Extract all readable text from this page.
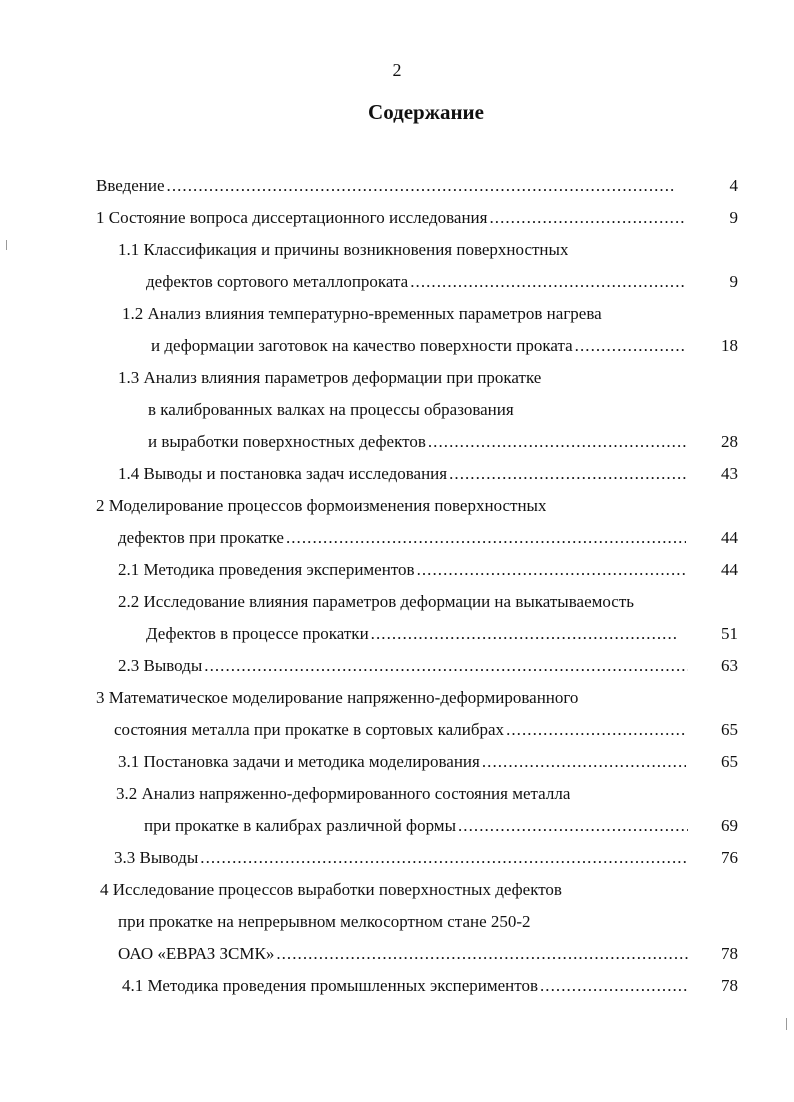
2
Содержание
Введение
. . .	4
1 Состояние вопроса диссертационного исследования
. . .	9
1.1 Классификация и причины возникновения поверхностных
дефектов сортового металлопроката
. . .	9
1.2 Анализ влияния температурно-временных параметров нагрева
и деформации заготовок на качество поверхности проката
. . .	18
1.3 Анализ влияния параметров деформации при прокатке
в калиброванных валках на процессы образования
и выработки поверхностных дефектов
. . .	28
1.4 Выводы и постановка задач исследования
. . .	43
2 Моделирование процессов формоизменения поверхностных
дефектов при прокатке
. . .	44
2.1 Методика проведения экспериментов
. . .	44
2.2 Исследование влияния параметров деформации на выкатываемость
Дефектов в процессе прокатки
. . .	51
2.3 Выводы
. . .	63
3 Математическое моделирование напряженно-деформированного
состояния металла при прокатке в сортовых калибрах
. . .	65
3.1 Постановка задачи и методика моделирования
. . .	65
3.2 Анализ напряженно-деформированного состояния металла
при прокатке в калибрах различной формы
. . .	69
3.3 Выводы
. . .	76
4 Исследование процессов выработки поверхностных дефектов
при прокатке на непрерывном мелкосортном стане 250-2
ОАО «ЕВРАЗ ЗСМК»
. . .	78
4.1 Методика проведения промышленных экспериментов
. . .	78
